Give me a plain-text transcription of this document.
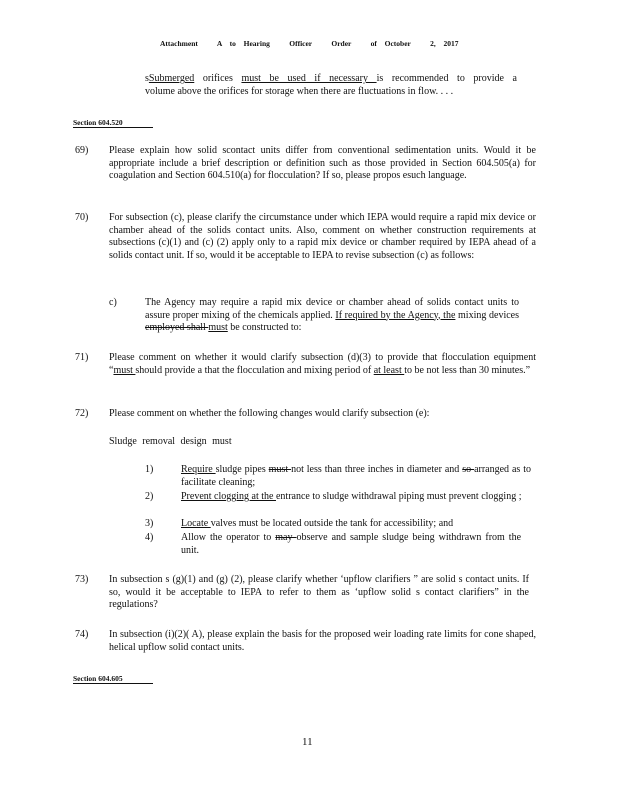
Attachment     A  to  Hearing     Officer     Order     of  October     2,  2017
sSubmerged orifices must be used if necessary is recommended to provide a
volume above the orifices for storage when there are fluctuations in flow. . . .
Section 604.520
69) Please explain how solid scontact units differ from conventional sedimentation units. Would it be appropriate include a brief description or definition such as those provided in Section 604.505(a) for coagulation and Section 604.510(a) for flocculation? If so, please propos esuch language.
70) For subsection (c), please clarify the circumstance under which IEPA would require a rapid mix device or chamber ahead of the solids contact units. Also, comment on whether construction requirements at subsections (c)(1) and (c) (2) apply only to a rapid mix device or chamber required by IEPA ahead of a solids contact unit. If so, would it be acceptable to IEPA to revise subsection (c) as follows:
c)	The Agency may require a rapid mix device or chamber ahead of solids contact units to assure proper mixing of the chemicals applied. If required by the Agency, the mixing devices employed shall must be constructed to:
71) Please comment on whether it would clarify subsection (d)(3) to provide that flocculation equipment “must should provide a that the flocculation and mixing period of at least to be not less than 30 minutes.”
72) Please comment on whether the following changes would clarify subsection (e):
Sludge removal design must
1)	Require sludge pipes must not less than three inches in diameter and so arranged as to facilitate cleaning;
2)	Prevent clogging at the entrance to sludge withdrawal piping must prevent clogging ;
3)	Locate valves must be located outside the tank for accessibility; and
4)	Allow the operator to may observe and sample sludge being withdrawn from the unit.
73) In subsection s (g)(1) and (g) (2), please clarify whether ‘upflow clarifiers ” are solid s contact units. If so, would it be acceptable to IEPA to refer to them as ‘upflow solid s contact clarifiers” in the regulations?
74) In subsection (i)(2)( A), please explain the basis for the proposed weir loading rate limits for cone shaped, helical upflow solid contact units.
Section 604.605
11
